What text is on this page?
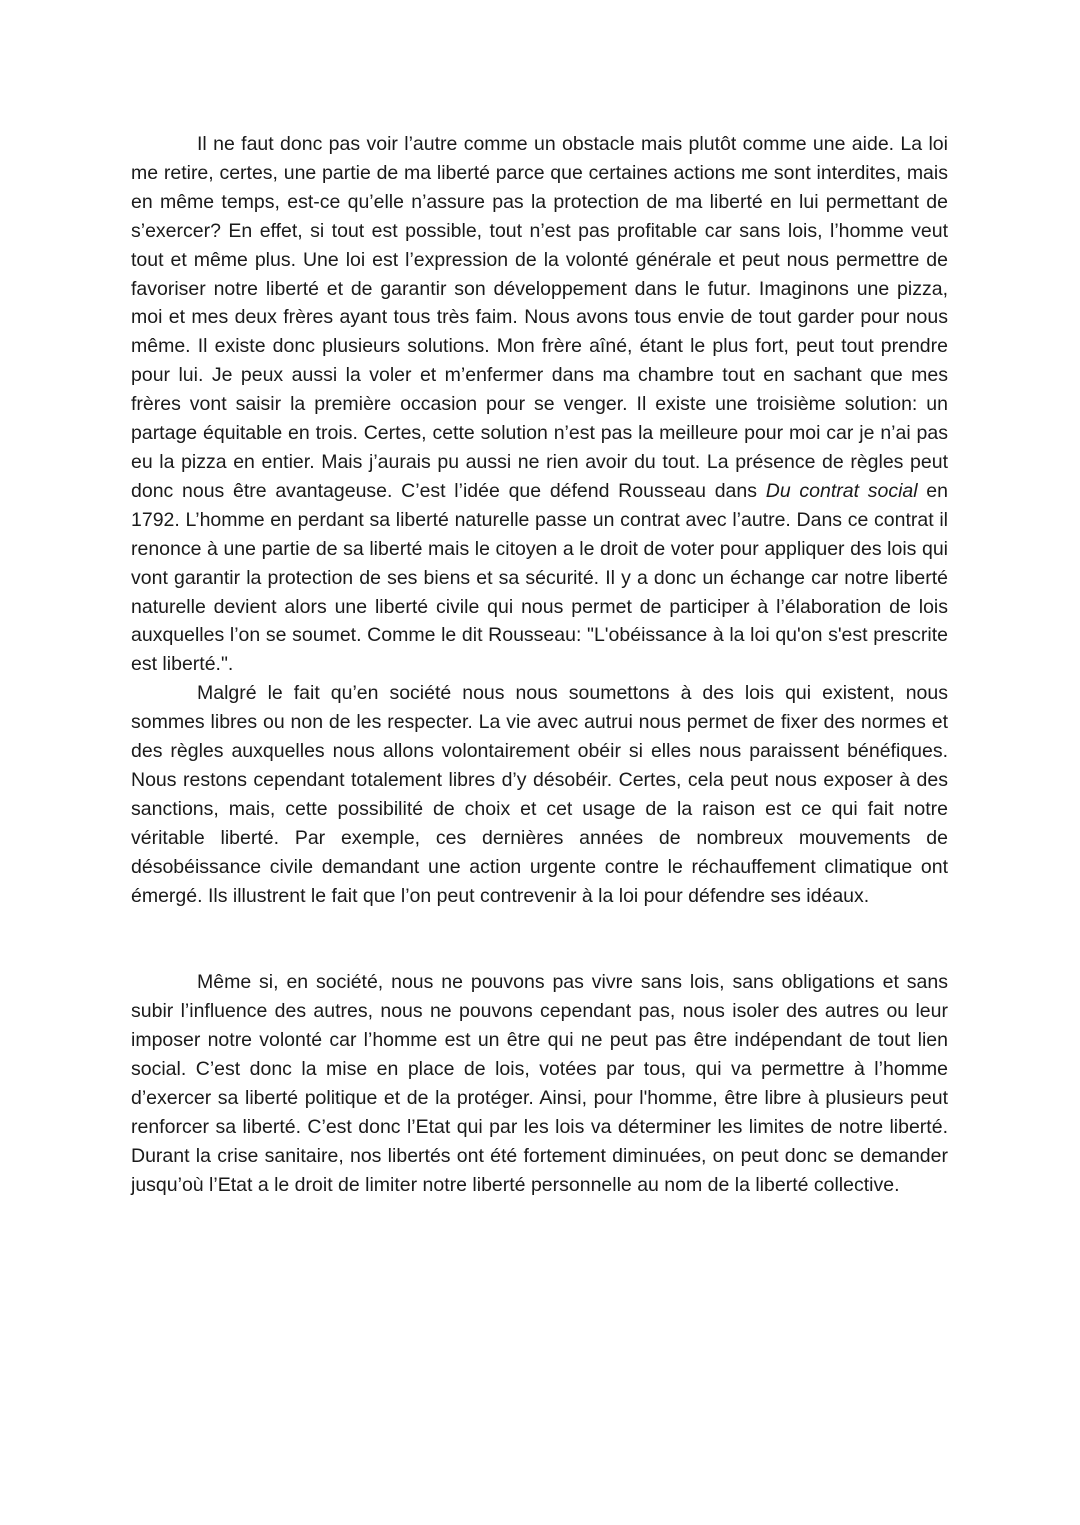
Il ne faut donc pas voir l’autre comme un obstacle mais plutôt comme une aide. La loi me retire, certes, une partie de ma liberté parce que certaines actions me sont interdites, mais en même temps, est-ce qu’elle n’assure pas la protection de ma liberté en lui permettant de s’exercer? En effet, si tout est possible, tout n’est pas profitable car sans lois, l’homme veut tout et même plus. Une loi est l’expression de la volonté générale et peut nous permettre de favoriser notre liberté et de garantir son développement dans le futur. Imaginons une pizza, moi et mes deux frères ayant tous très faim. Nous avons tous envie de tout garder pour nous même. Il existe donc plusieurs solutions. Mon frère aîné, étant le plus fort, peut tout prendre pour lui. Je peux aussi la voler et m’enfermer dans ma chambre tout en sachant que mes frères vont saisir la première occasion pour se venger. Il existe une troisième solution: un partage équitable en trois. Certes, cette solution n’est pas la meilleure pour moi car je n’ai pas eu la pizza en entier. Mais j’aurais pu aussi ne rien avoir du tout. La présence de règles peut donc nous être avantageuse. C’est l’idée que défend Rousseau dans Du contrat social en 1792. L’homme en perdant sa liberté naturelle passe un contrat avec l’autre. Dans ce contrat il renonce à une partie de sa liberté mais le citoyen a le droit de voter pour appliquer des lois qui vont garantir la protection de ses biens et sa sécurité. Il y a donc un échange car notre liberté naturelle devient alors une liberté civile qui nous permet de participer à l’élaboration de lois auxquelles l’on se soumet. Comme le dit Rousseau: "L'obéissance à la loi qu'on s'est prescrite est liberté.".

Malgré le fait qu’en société nous nous soumettons à des lois qui existent, nous sommes libres ou non de les respecter. La vie avec autrui nous permet de fixer des normes et des règles auxquelles nous allons volontairement obéir si elles nous paraissent bénéfiques. Nous restons cependant totalement libres d’y désobéir. Certes, cela peut nous exposer à des sanctions, mais, cette possibilité de choix et cet usage de la raison est ce qui fait notre véritable liberté. Par exemple, ces dernières années de nombreux mouvements de désobéissance civile demandant une action urgente contre le réchauffement climatique ont émergé. Ils illustrent le fait que l’on peut contrevenir à la loi pour défendre ses idéaux.

Même si, en société, nous ne pouvons pas vivre sans lois, sans obligations et sans subir l’influence des autres, nous ne pouvons cependant pas, nous isoler des autres ou leur imposer notre volonté car l’homme est un être qui ne peut pas être indépendant de tout lien social. C’est donc la mise en place de lois, votées par tous, qui va permettre à l’homme d’exercer sa liberté politique et de la protéger. Ainsi, pour l'homme, être libre à plusieurs peut renforcer sa liberté. C’est donc l’Etat qui par les lois va déterminer les limites de notre liberté. Durant la crise sanitaire, nos libertés ont été fortement diminuées, on peut donc se demander jusqu’où l’Etat a le droit de limiter notre liberté personnelle au nom de la liberté collective.
